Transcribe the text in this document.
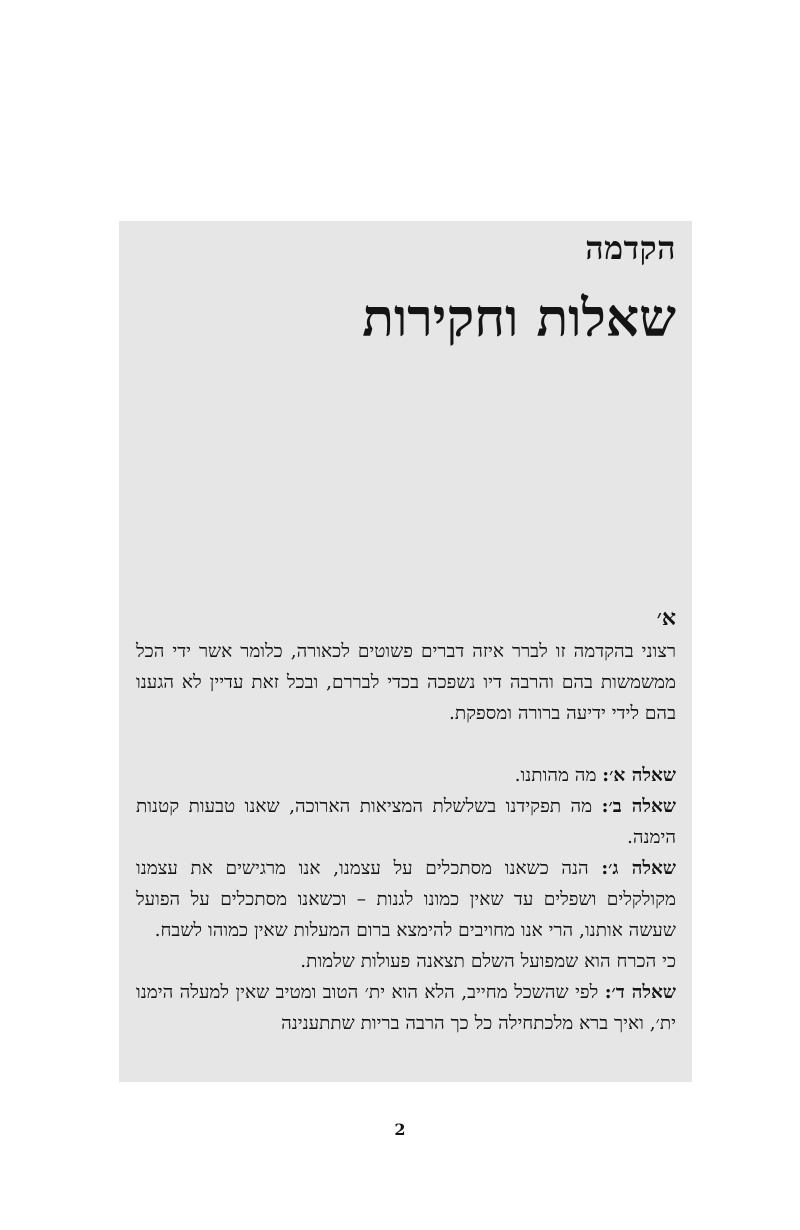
הקדמה
שאלות וחקירות
א׳

רצוני בהקדמה זו לברר איזה דברים פשוטים לכאורה, כלומר אשר ידי הכל ממשמשות בהם והרבה דיו נשפכה בכדי לבררם, ובכל זאת עדיין לא הגענו בהם לידי ידיעה ברורה ומספקת.

שאלה א׳: מה מהותנו.

שאלה ב׳: מה תפקידנו בשלשלת המציאות הארוכה, שאנו טבעות קטנות הימנה.

שאלה ג׳: הנה כשאנו מסתכלים על עצמנו, אנו מרגישים את עצמנו מקולקלים ושפלים עד שאין כמונו לגנות – וכשאנו מסתכלים על הפועל שעשה אותנו, הרי אנו מחויבים להימצא ברום המעלות שאין כמוהו לשבח.

כי הכרח הוא שמפועל השלם תצאנה פעולות שלמות.

שאלה ד׳: לפי שהשכל מחייב, הלא הוא ית׳ הטוב ומטיב שאין למעלה הימנו ית׳, ואיך ברא מלכתחילה כל כך הרבה בריות שתתענינה

2
